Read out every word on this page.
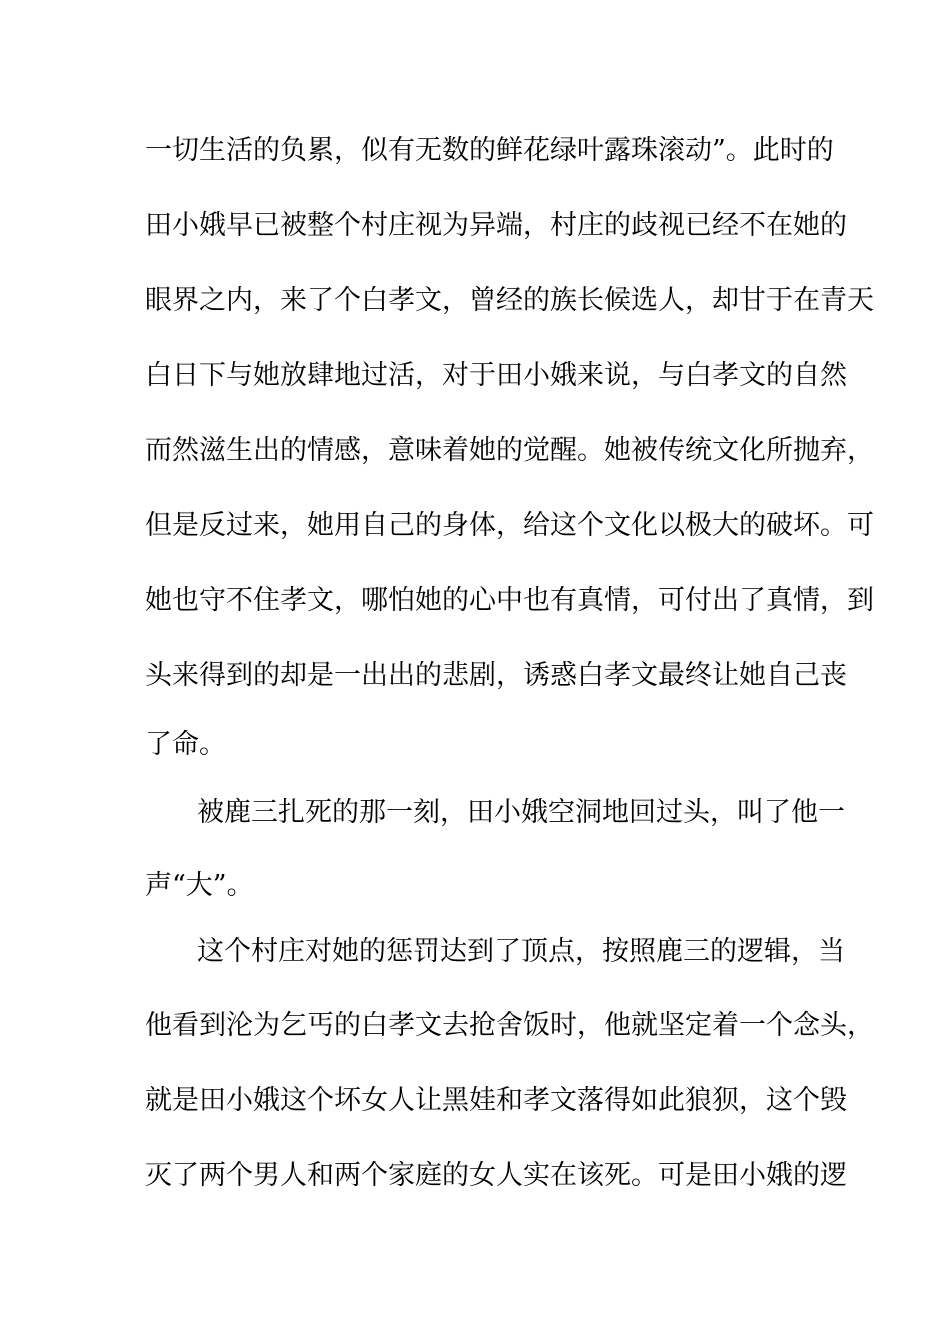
一切生活的负累，似有无数的鲜花绿叶露珠滚动”。此时的
田小娥早已被整个村庄视为异端，村庄的歧视已经不在她的
眼界之内，来了个白孝文，曾经的族长候选人，却甘于在青天
白日下与她放肆地过活，对于田小娥来说，与白孝文的自然
而然滋生出的情感，意味着她的觉醒。她被传统文化所抛弃，
但是反过来，她用自己的身体，给这个文化以极大的破坏。可
她也守不住孝文，哪怕她的心中也有真情，可付出了真情，到
头来得到的却是一出出的悲剧，诱惑白孝文最终让她自己丧
了命。
被鹿三扎死的那一刻，田小娥空洞地回过头，叫了他一
声“大”。
这个村庄对她的惩罚达到了顶点，按照鹿三的逻辑，当
他看到沦为乞丐的白孝文去抢舍饭时，他就坚定着一个念头，
就是田小娥这个坏女人让黑娃和孝文落得如此狼狈，这个毁
灭了两个男人和两个家庭的女人实在该死。可是田小娥的逻
